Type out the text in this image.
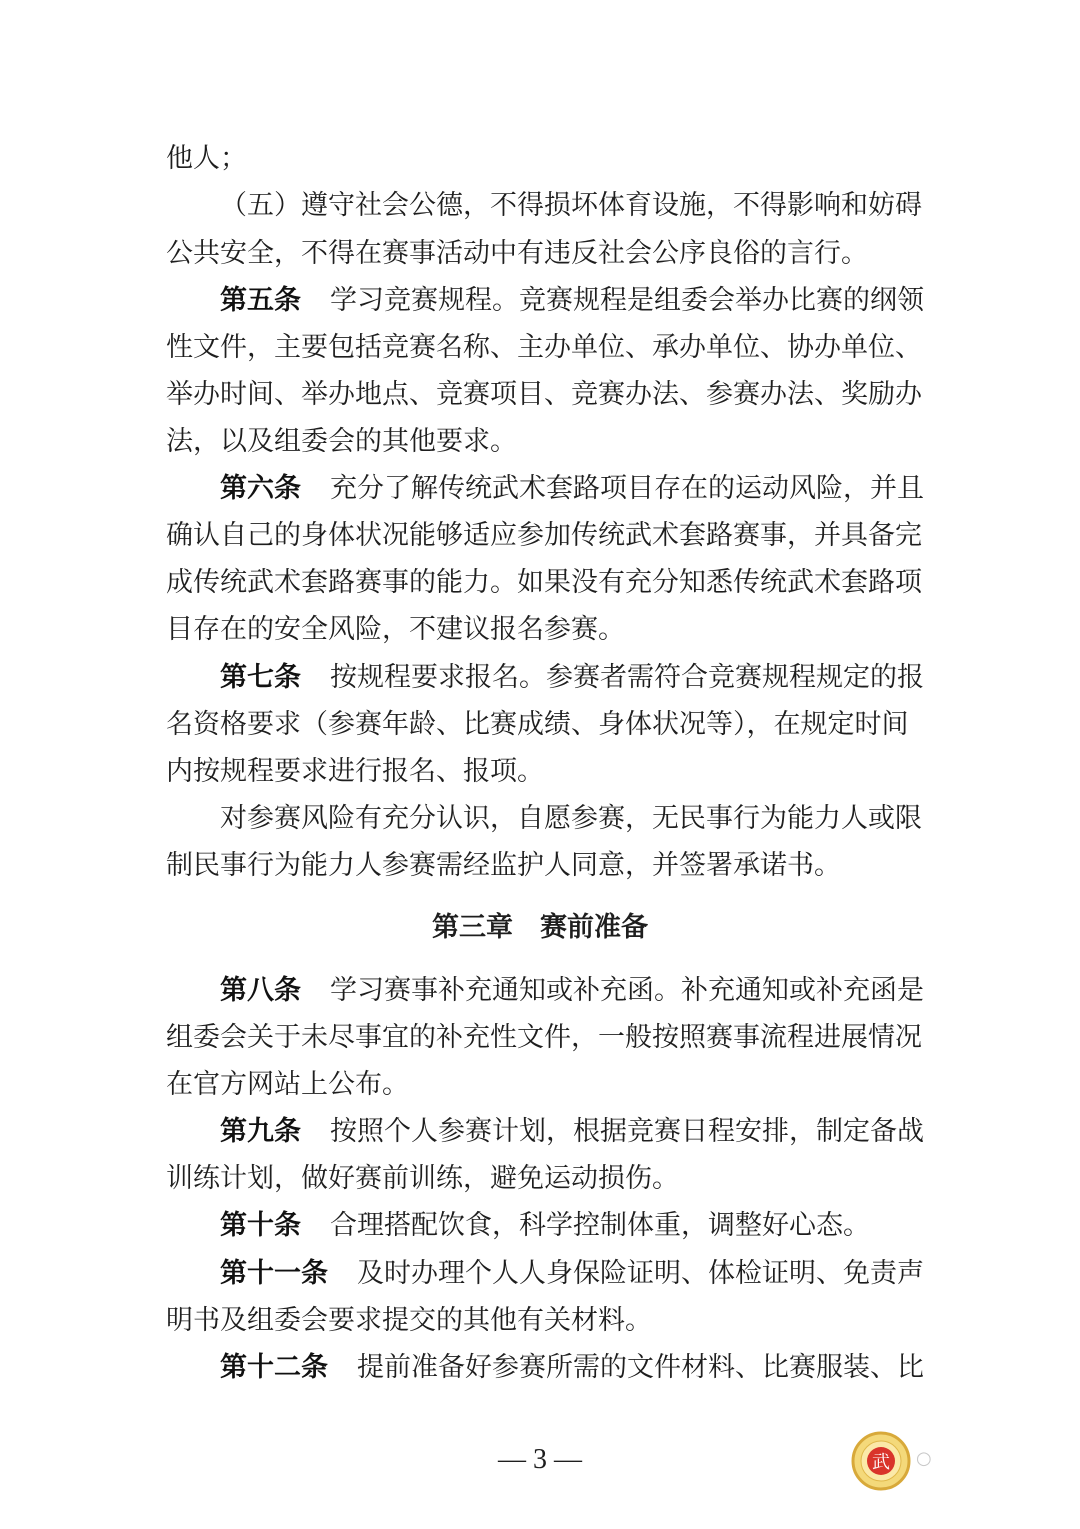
他人；
（五）遵守社会公德，不得损坏体育设施，不得影响和妨碍
公共安全，不得在赛事活动中有违反社会公序良俗的言行。
第五条 学习竞赛规程。竞赛规程是组委会举办比赛的纲领
性文件，主要包括竞赛名称、主办单位、承办单位、协办单位、
举办时间、举办地点、竞赛项目、竞赛办法、参赛办法、奖励办
法，以及组委会的其他要求。
第六条 充分了解传统武术套路项目存在的运动风险，并且
确认自己的身体状况能够适应参加传统武术套路赛事，并具备完
成传统武术套路赛事的能力。如果没有充分知悉传统武术套路项
目存在的安全风险，不建议报名参赛。
第七条 按规程要求报名。参赛者需符合竞赛规程规定的报
名资格要求（参赛年龄、比赛成绩、身体状况等），在规定时间
内按规程要求进行报名、报项。
对参赛风险有充分认识，自愿参赛，无民事行为能力人或限
制民事行为能力人参赛需经监护人同意，并签署承诺书。
第三章　赛前准备
第八条 学习赛事补充通知或补充函。补充通知或补充函是
组委会关于未尽事宜的补充性文件，一般按照赛事流程进展情况
在官方网站上公布。
第九条 按照个人参赛计划，根据竞赛日程安排，制定备战
训练计划，做好赛前训练，避免运动损伤。
第十条 合理搭配饮食，科学控制体重，调整好心态。
第十一条 及时办理个人人身保险证明、体检证明、免责声
明书及组委会要求提交的其他有关材料。
第十二条 提前准备好参赛所需的文件材料、比赛服装、比
— 3 —	武 ○
